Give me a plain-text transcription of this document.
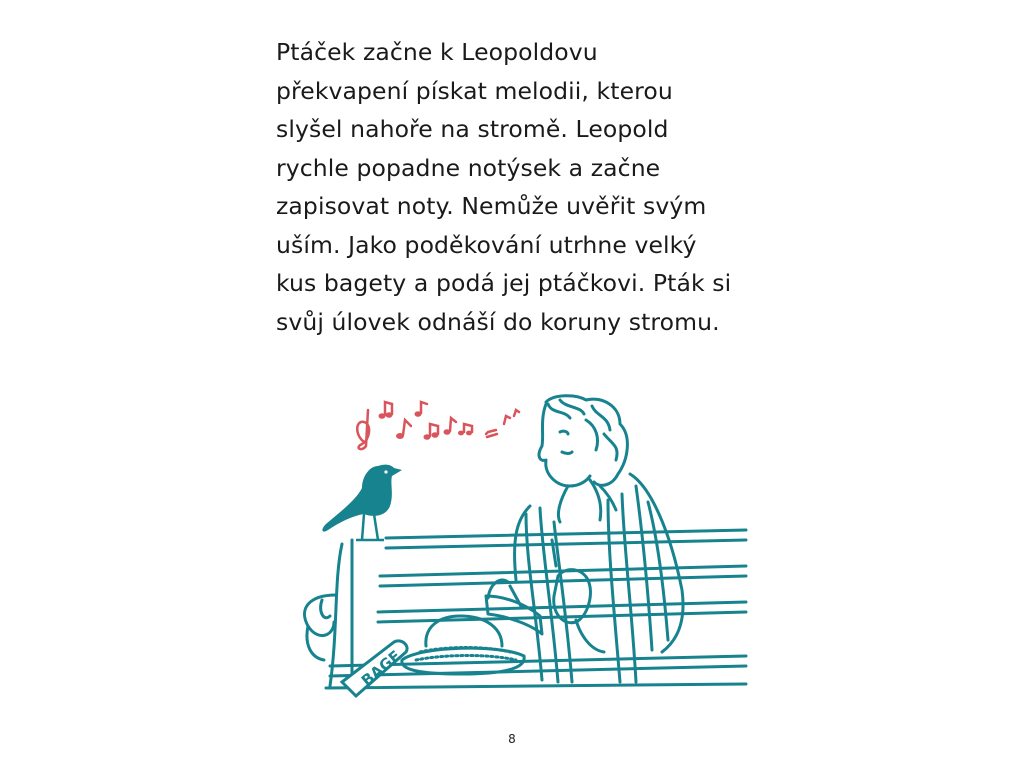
Ptáček začne k Leopoldovu
překvapení pískat melodii, kterou
slyšel nahoře na stromě. Leopold
rychle popadne notýsek a začne
zapisovat noty. Nemůže uvěřit svým
uším. Jako poděkování utrhne velký
kus bagety a podá jej ptáčkovi. Pták si
svůj úlovek odnáší do koruny stromu.

BAGE
8
